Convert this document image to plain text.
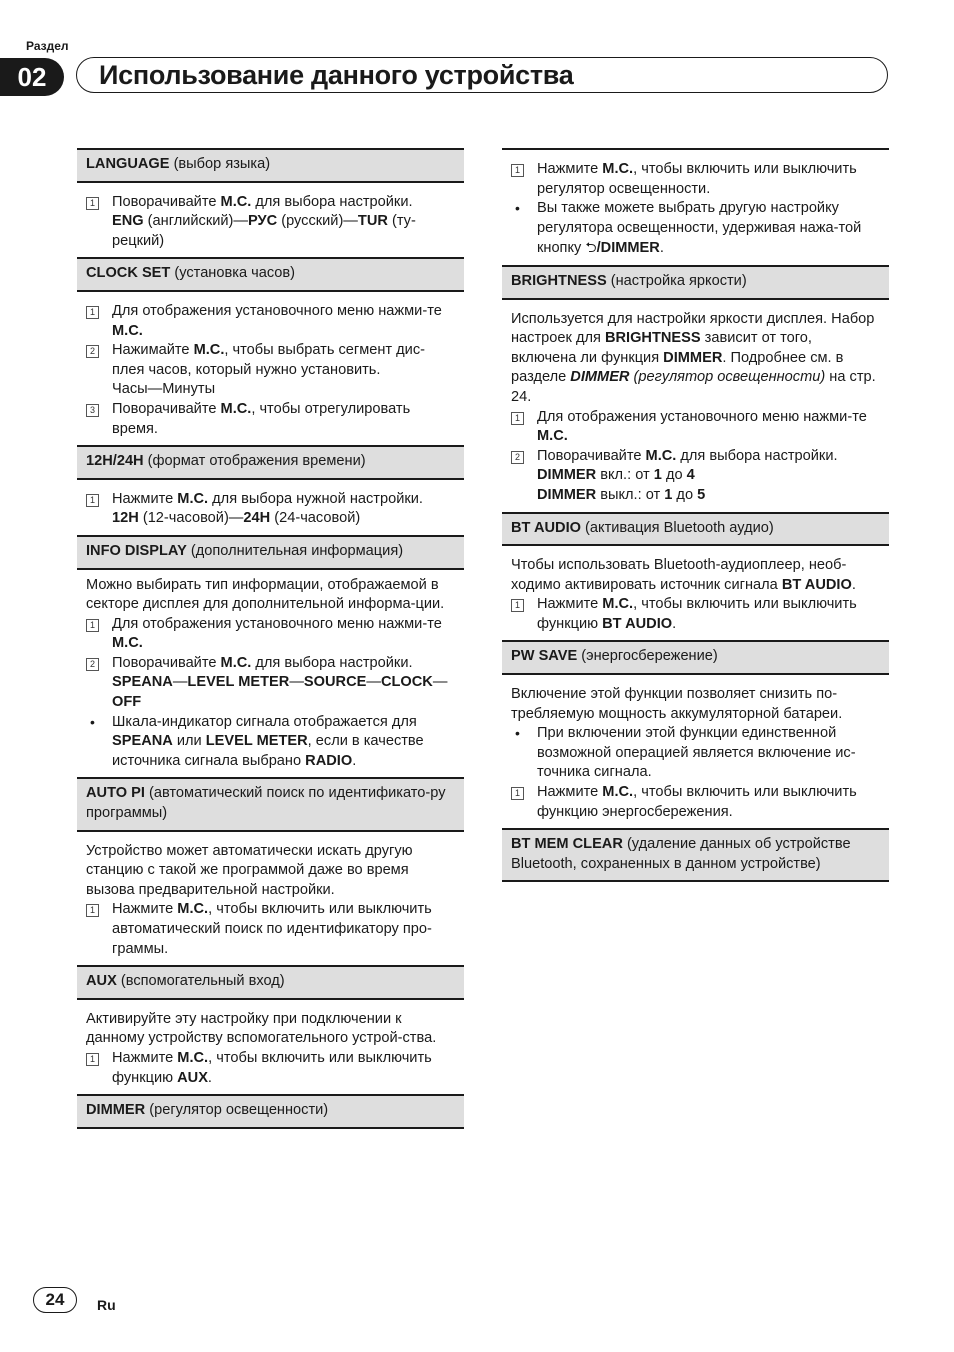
Раздел
02	Использование данного устройства
LANGUAGE (выбор языка)
1 Поворачивайте M.C. для выбора настройки.
ENG (английский)—РУС (русский)—TUR (ту-рецкий)
CLOCK SET (установка часов)
1 Для отображения установочного меню нажми-те M.C.
2 Нажимайте M.C., чтобы выбрать сегмент дис-плея часов, который нужно установить.
Часы—Минуты
3 Поворачивайте M.C., чтобы отрегулировать время.
12H/24H (формат отображения времени)
1 Нажмите M.C. для выбора нужной настройки.
12H (12-часовой)—24H (24-часовой)
INFO DISPLAY (дополнительная информация)

Можно выбирать тип информации, отображаемой в секторе дисплея для дополнительной информа-ции.

1 Для отображения установочного меню нажми-те M.C.
2 Поворачивайте M.C. для выбора настройки.
SPEANA—LEVEL METER—SOURCE—CLOCK—OFF
• Шкала-индикатор сигнала отображается для SPEANA или LEVEL METER, если в качестве источника сигнала выбрано RADIO.
AUTO PI (автоматический поиск по идентификато-ру программы)

Устройство может автоматически искать другую станцию с такой же программой даже во время вызова предварительной настройки.

1 Нажмите M.C., чтобы включить или выключить автоматический поиск по идентификатору про-граммы.
AUX (вспомогательный вход)

Активируйте эту настройку при подключении к данному устройству вспомогательного устрой-ства.

1 Нажмите M.C., чтобы включить или выключить функцию AUX.
DIMMER (регулятор освещенности)
1 Нажмите M.C., чтобы включить или выключить регулятор освещенности.
• Вы также можете выбрать другую настройку регулятора освещенности, удерживая нажа-той кнопку ⮌/DIMMER.
BRIGHTNESS (настройка яркости)

Используется для настройки яркости дисплея. Набор настроек для BRIGHTNESS зависит от того, включена ли функция DIMMER. Подробнее см. в разделе DIMMER (регулятор освещенности) на стр. 24.

1 Для отображения установочного меню нажми-те M.C.
2 Поворачивайте M.C. для выбора настройки.
DIMMER вкл.: от 1 до 4
DIMMER выкл.: от 1 до 5
BT AUDIO (активация Bluetooth аудио)

Чтобы использовать Bluetooth-аудиоплеер, необ-ходимо активировать источник сигнала BT AUDIO.

1 Нажмите M.C., чтобы включить или выключить функцию BT AUDIO.
PW SAVE (энергосбережение)

Включение этой функции позволяет снизить по-требляемую мощность аккумуляторной батареи.

• При включении этой функции единственной возможной операцией является включение ис-точника сигнала.
1 Нажмите M.C., чтобы включить или выключить функцию энергосбережения.
BT MEM CLEAR (удаление данных об устройстве Bluetooth, сохраненных в данном устройстве)
24	Ru
